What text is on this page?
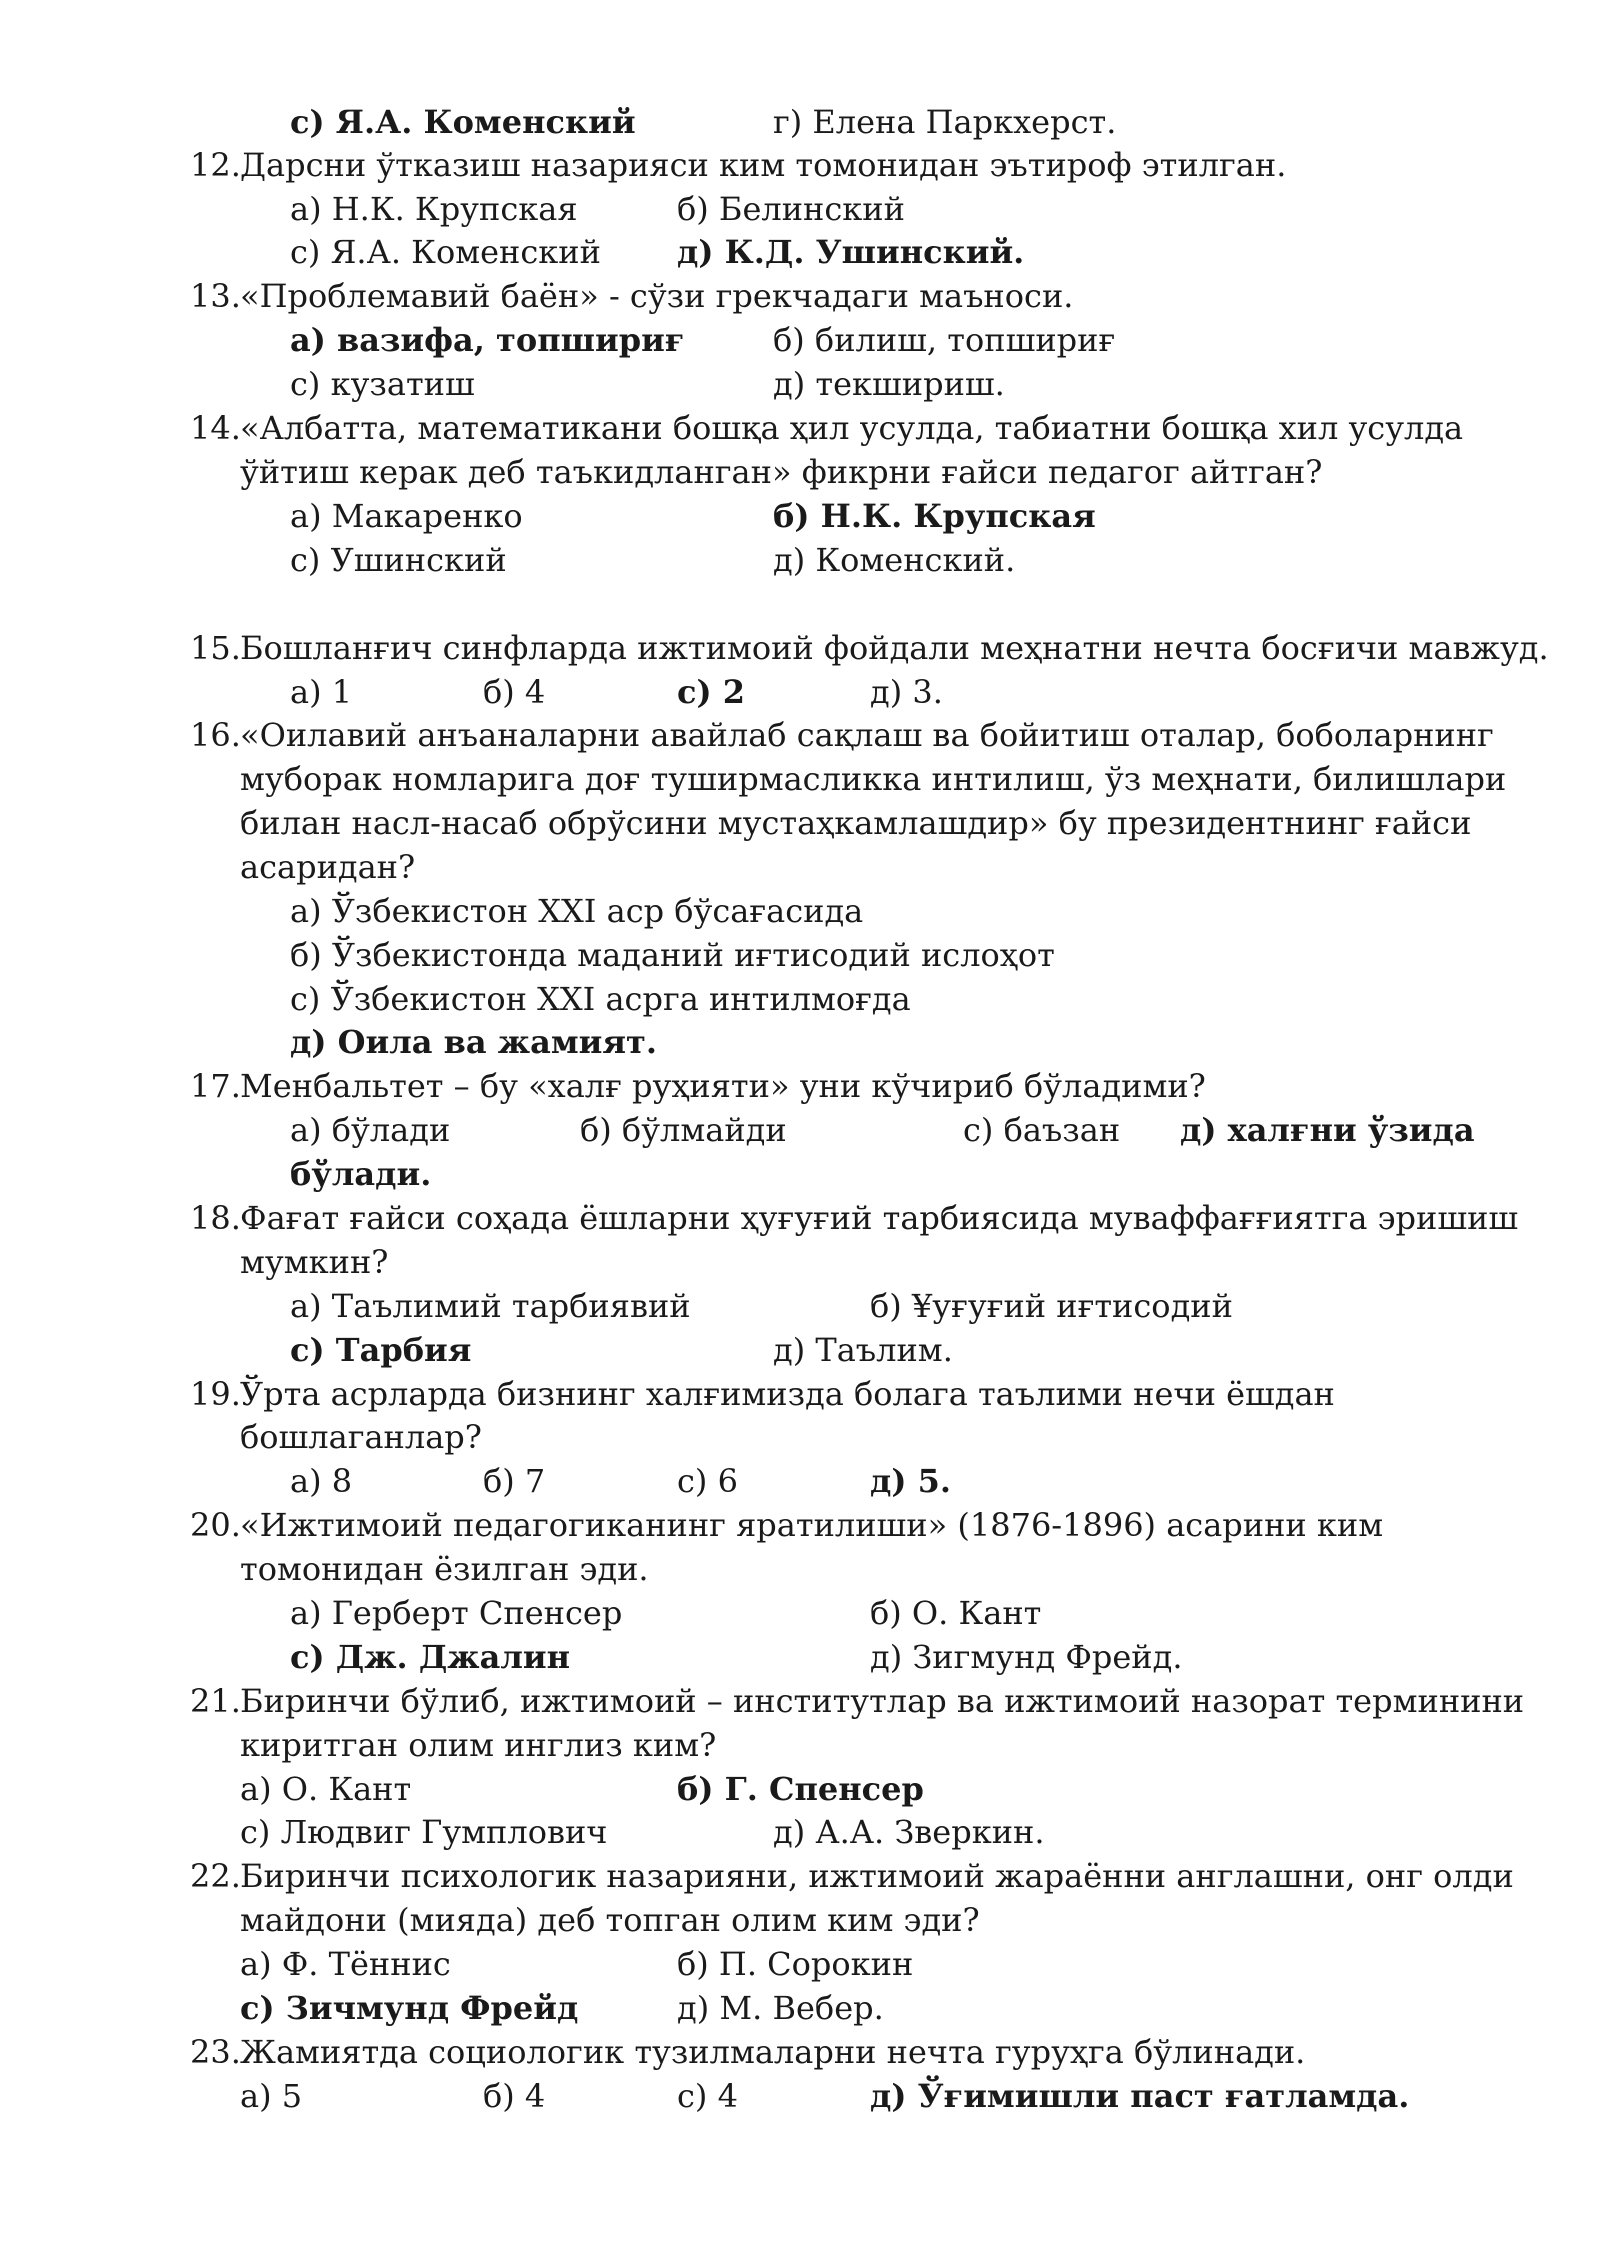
с) Я.А. Коменский	г) Елена Паркхерст.
12. Дарсни ўтказиш назарияси ким томонидан эътироф этилган.
а) Н.К. Крупская	б) Белинский
с) Я.А. Коменский д) К.Д. Ушинский.
13. «Проблемавий баён» - сўзи грекчадаги маъноси.
а) вазифа, топшириғ	б) билиш, топшириғ
с) кузатиш	д) текшириш.
14. «Албатта, математикани бошқа ҳил усулда, табиатни бошқа хил усулда
ўйтиш керак деб таъкидланган» фикрни ғайси педагог айтган?
а) Макаренко	б) Н.К. Крупская
с) Ушинский	д) Коменский.
15. Бошланғич синфларда ижтимоий фойдали меҳнатни нечта босғичи мавжуд.
а) 1	б) 4	с) 2	д) 3.
16. «Оилавий анъаналарни авайлаб сақлаш ва бойитиш оталар, боболарнинг
муборак номларига доғ туширмасликка интилиш, ўз меҳнати, билишлари
билан насл-насаб обрўсини мустаҳкамлашдир» бу президентнинг ғайси
асаридан?
а) Ўзбекистон XXI аср бўсағасида
б) Ўзбекистонда маданий иғтисодий ислоҳот
с) Ўзбекистон XXI асрга интилмоғда
д) Оила ва жамият.
17. Менбальтет – бу «халғ руҳияти» уни кўчириб бўладими?
а) бўлади	б) бўлмайди	с) баъзан д) халғни ўзида
бўлади.
18. Фағат ғайси соҳада ёшларни ҳуғуғий тарбиясида муваффағғиятга эришиш
мумкин?
а) Таълимий тарбиявий	б) ¥уғуғий иғтисодий
с) Тарбия	д) Таълим.
19. Ўрта асрларда бизнинг халғимизда болага таълими нечи ёшдан
бошлаганлар?
а) 8	б) 7	с) 6	д) 5.
20. «Ижтимоий педагогиканинг яратилиши» (1876-1896) асарини ким
томонидан ёзилган эди.
а) Герберт Спенсер	б) О. Кант
с) Дж. Джалин	д) Зигмунд Фрейд.
21. Биринчи бўлиб, ижтимоий – институтлар ва ижтимоий назорат терминини
киритган олим инглиз ким?
а) О. Кант	б) Г. Спенсер
с) Людвиг Гумплович	д) А.А. Зверкин.
22. Биринчи психологик назарияни, ижтимоий жараённи англашни, онг олди
майдони (мияда) деб топган олим ким эди?
а) Ф. Тённис	б) П. Сорокин
с) Зичмунд Фрейд	д) М. Вебер.
23. Жамиятда социологик тузилмаларни нечта гуруҳга бўлинади.
а) 5	б) 4	с) 4	д) Ўғимишли паст ғатламда.
